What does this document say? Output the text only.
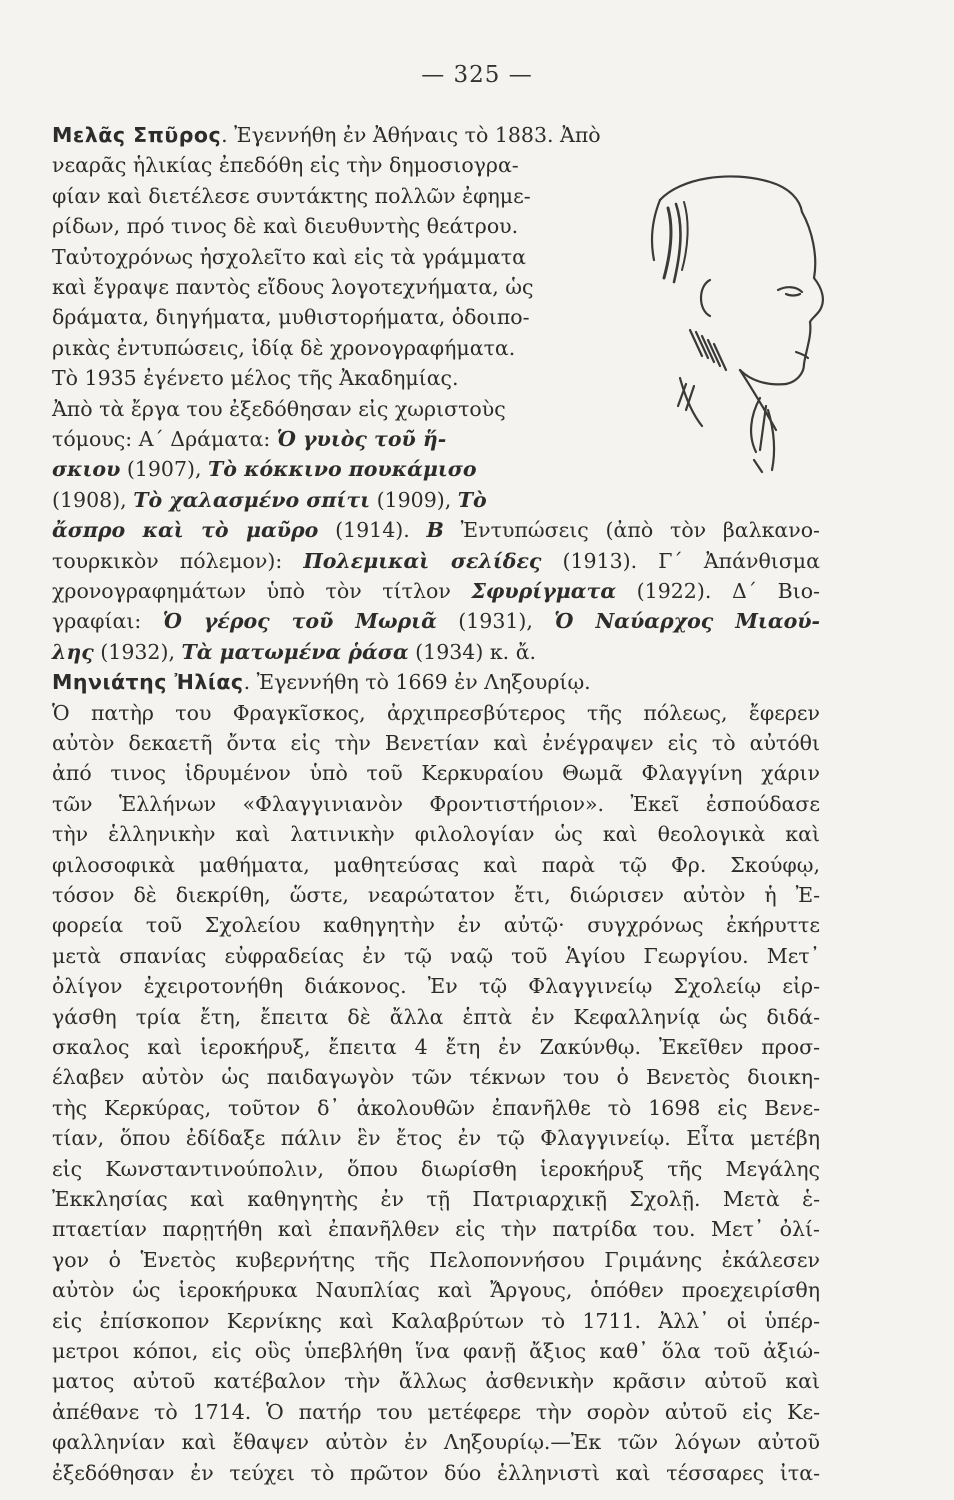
— 325 —
Μελᾶς Σπῦρος. Ἐγεννήθη ἐν Ἀθήναις τὸ 1883. Ἀπὸ
νεαρᾶς ἡλικίας ἐπεδόθη εἰς τὴν δημοσιογρα-
φίαν καὶ διετέλεσε συντάκτης πολλῶν ἐφημε-
ρίδων, πρό τινος δὲ καὶ διευθυντὴς θεάτρου.
Ταὐτοχρόνως ἠσχολεῖτο καὶ εἰς τὰ γράμματα
καὶ ἔγραψε παντὸς εἴδους λογοτεχνήματα, ὡς
δράματα, διηγήματα, μυθιστορήματα, ὁδοιπο-
ρικὰς ἐντυπώσεις, ἰδίᾳ δὲ χρονογραφήματα.
Τὸ 1935 ἐγένετο μέλος τῆς Ἀκαδημίας.
Ἀπὸ τὰ ἔργα του ἐξεδόθησαν εἰς χωριστοὺς
τόμους: Α΄ Δράματα: Ὁ γυιὸς τοῦ ἥ-
σκιου (1907), Τὸ κόκκινο πουκάμισο
(1908), Τὸ χαλασμένο σπίτι (1909), Τὸ
ἄσπρο καὶ τὸ μαῦρο (1914). Β Ἐντυπώσεις (ἀπὸ τὸν βαλκανο-
τουρκικὸν πόλεμον): Πολεμικαὶ σελίδες (1913). Γ΄ Ἀπάνθισμα
χρονογραφημάτων ὑπὸ τὸν τίτλον Σφυρίγματα (1922). Δ΄ Βιο-
γραφίαι: Ὁ γέρος τοῦ Μωριᾶ (1931), Ὁ Ναύαρχος Μιαού-
λης (1932), Τὰ ματωμένα ῥάσα (1934) κ. ἄ.
Μηνιάτης Ἠλίας. Ἐγεννήθη τὸ 1669 ἐν Ληξουρίῳ.
Ὁ πατὴρ του Φραγκῖσκος, ἀρχιπρεσβύτερος τῆς πόλεως, ἔφερεν
αὐτὸν δεκαετῆ ὄντα εἰς τὴν Βενετίαν καὶ ἐνέγραψεν εἰς τὸ αὐτόθι
ἀπό τινος ἱδρυμένον ὑπὸ τοῦ Κερκυραίου Θωμᾶ Φλαγγίνη χάριν
τῶν Ἑλλήνων «Φλαγγινιανὸν Φροντιστήριον». Ἐκεῖ ἐσπούδασε
τὴν ἑλληνικὴν καὶ λατινικὴν φιλολογίαν ὡς καὶ θεολογικὰ καὶ
φιλοσοφικὰ μαθήματα, μαθητεύσας καὶ παρὰ τῷ Φρ. Σκούφῳ,
τόσον δὲ διεκρίθη, ὥστε, νεαρώτατον ἔτι, διώρισεν αὐτὸν ἡ Ἐ-
φορεία τοῦ Σχολείου καθηγητὴν ἐν αὐτῷ· συγχρόνως ἐκήρυττε
μετὰ σπανίας εὐφραδείας ἐν τῷ ναῷ τοῦ Ἁγίου Γεωργίου. Μετ᾽
ὀλίγον ἐχειροτονήθη διάκονος. Ἐν τῷ Φλαγγινείῳ Σχολείῳ εἰρ-
γάσθη τρία ἔτη, ἔπειτα δὲ ἄλλα ἑπτὰ ἐν Κεφαλληνίᾳ ὡς διδά-
σκαλος καὶ ἱεροκήρυξ, ἔπειτα 4 ἔτη ἐν Ζακύνθῳ. Ἐκεῖθεν προσ-
έλαβεν αὐτὸν ὡς παιδαγωγὸν τῶν τέκνων του ὁ Βενετὸς διοικη-
τὴς Κερκύρας, τοῦτον δ᾽ ἀκολουθῶν ἐπανῆλθε τὸ 1698 εἰς Βενε-
τίαν, ὅπου ἐδίδαξε πάλιν ἓν ἔτος ἐν τῷ Φλαγγινείῳ. Εἶτα μετέβη
εἰς Κωνσταντινούπολιν, ὅπου διωρίσθη ἱεροκήρυξ τῆς Μεγάλης
Ἐκκλησίας καὶ καθηγητὴς ἐν τῇ Πατριαρχικῇ Σχολῇ. Μετὰ ἑ-
πταετίαν παρῃτήθη καὶ ἐπανῆλθεν εἰς τὴν πατρίδα του. Μετ᾽ ὀλί-
γον ὁ Ἑνετὸς κυβερνήτης τῆς Πελοποννήσου Γριμάνης ἐκάλεσεν
αὐτὸν ὡς ἱεροκήρυκα Ναυπλίας καὶ Ἄργους, ὁπόθεν προεχειρίσθη
εἰς ἐπίσκοπον Κερνίκης καὶ Καλαβρύτων τὸ 1711. Ἀλλ᾽ οἱ ὑπέρ-
μετροι κόποι, εἰς οὓς ὑπεβλήθη ἵνα φανῇ ἄξιος καθ᾽ ὅλα τοῦ ἀξιώ-
ματος αὐτοῦ κατέβαλον τὴν ἄλλως ἀσθενικὴν κρᾶσιν αὐτοῦ καὶ
ἀπέθανε τὸ 1714. Ὁ πατήρ του μετέφερε τὴν σορὸν αὐτοῦ εἰς Κε-
φαλληνίαν καὶ ἔθαψεν αὐτὸν ἐν Ληξουρίῳ.—Ἐκ τῶν λόγων αὐτοῦ
ἐξεδόθησαν ἐν τεύχει τὸ πρῶτον δύο ἑλληνιστὶ καὶ τέσσαρες ἰτα-
